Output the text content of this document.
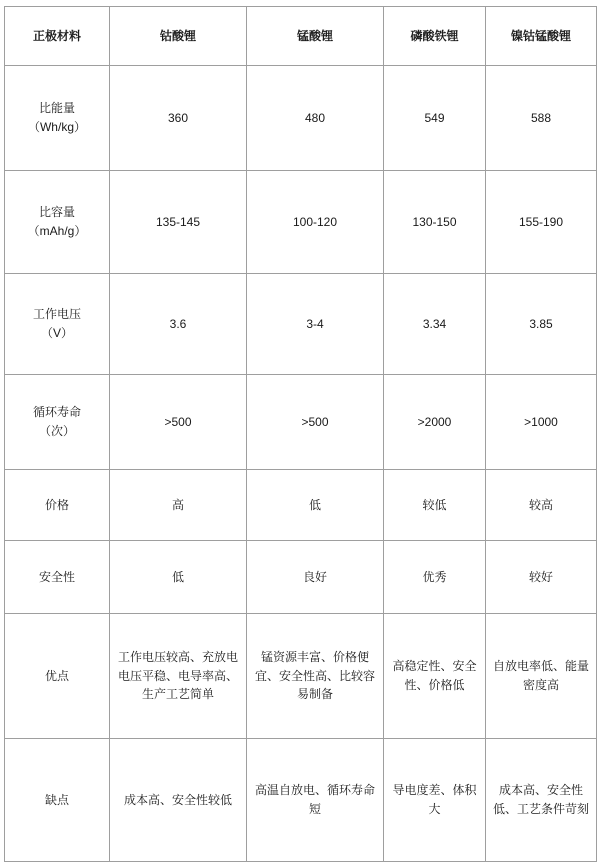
正极材料	钴酸锂	锰酸锂	磷酸铁锂	镍钴锰酸锂
比能量
（Wh/kg）	360	480	549	588
比容量
（mAh/g）	135-145	100-120	130-150	155-190
工作电压
（V）	3.6	3-4	3.34	3.85
循环寿命
（次）	>500	>500	>2000	>1000
价格	高	低	较低	较高
安全性	低	良好	优秀	较好
优点	工作电压较高、充放电电压平稳、电导率高、生产工艺简单	锰资源丰富、价格便宜、安全性高、比较容易制备	高稳定性、安全性、价格低	自放电率低、能量密度高
缺点	成本高、安全性较低	高温自放电、循环寿命短	导电度差、体积大	成本高、安全性低、工艺条件苛刻
